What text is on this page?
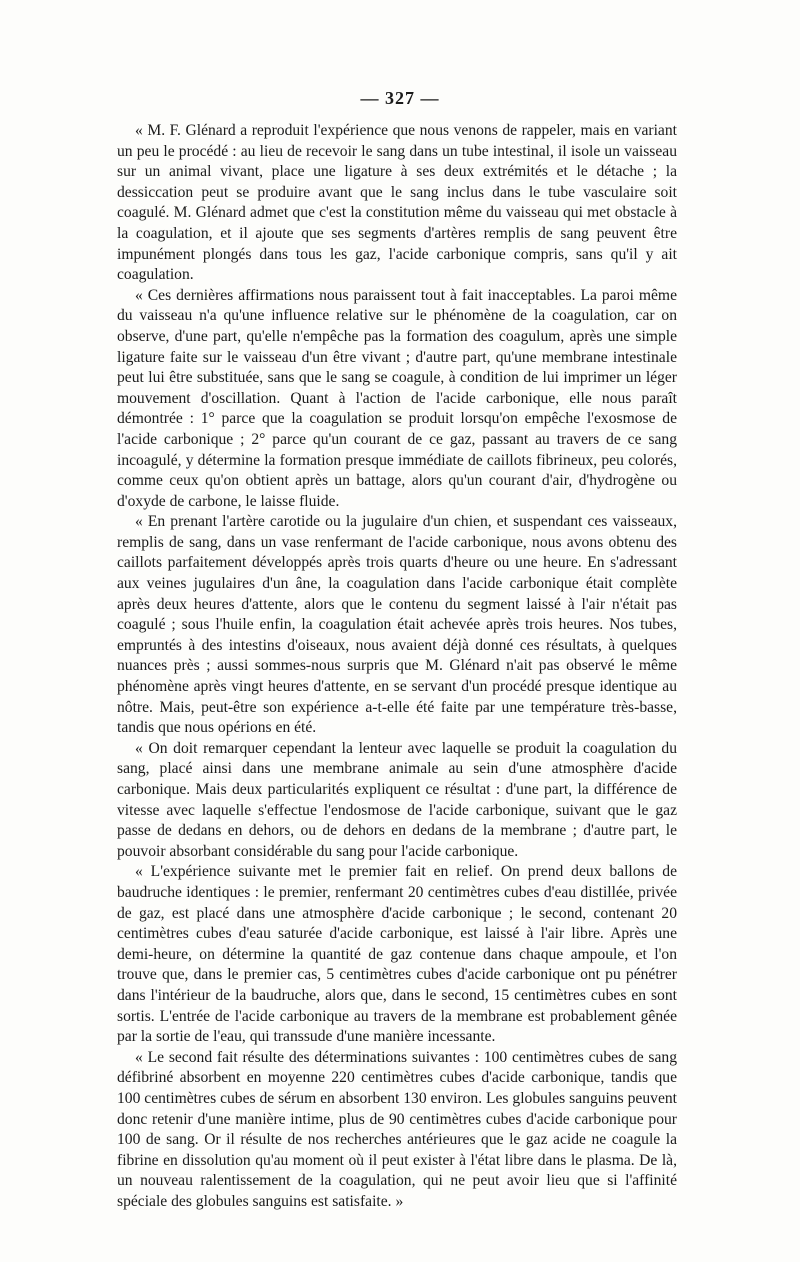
— 327 —

« M. F. Glénard a reproduit l'expérience que nous venons de rappeler, mais en variant un peu le procédé : au lieu de recevoir le sang dans un tube intestinal, il isole un vaisseau sur un animal vivant, place une ligature à ses deux extrémités et le détache ; la dessiccation peut se produire avant que le sang inclus dans le tube vasculaire soit coagulé. M. Glénard admet que c'est la constitution même du vaisseau qui met obstacle à la coagulation, et il ajoute que ses segments d'artères remplis de sang peuvent être impunément plongés dans tous les gaz, l'acide carbonique compris, sans qu'il y ait coagulation.

« Ces dernières affirmations nous paraissent tout à fait inacceptables. La paroi même du vaisseau n'a qu'une influence relative sur le phénomène de la coagulation, car on observe, d'une part, qu'elle n'empêche pas la formation des coagulum, après une simple ligature faite sur le vaisseau d'un être vivant ; d'autre part, qu'une membrane intestinale peut lui être substituée, sans que le sang se coagule, à condition de lui imprimer un léger mouvement d'oscillation. Quant à l'action de l'acide carbonique, elle nous paraît démontrée : 1° parce que la coagulation se produit lorsqu'on empêche l'exosmose de l'acide carbonique ; 2° parce qu'un courant de ce gaz, passant au travers de ce sang incoagulé, y détermine la formation presque immédiate de caillots fibrineux, peu colorés, comme ceux qu'on obtient après un battage, alors qu'un courant d'air, d'hydrogène ou d'oxyde de carbone, le laisse fluide.

« En prenant l'artère carotide ou la jugulaire d'un chien, et suspendant ces vaisseaux, remplis de sang, dans un vase renfermant de l'acide carbonique, nous avons obtenu des caillots parfaitement développés après trois quarts d'heure ou une heure. En s'adressant aux veines jugulaires d'un âne, la coagulation dans l'acide carbonique était complète après deux heures d'attente, alors que le contenu du segment laissé à l'air n'était pas coagulé ; sous l'huile enfin, la coagulation était achevée après trois heures. Nos tubes, empruntés à des intestins d'oiseaux, nous avaient déjà donné ces résultats, à quelques nuances près ; aussi sommes-nous surpris que M. Glénard n'ait pas observé le même phénomène après vingt heures d'attente, en se servant d'un procédé presque identique au nôtre. Mais, peut-être son expérience a-t-elle été faite par une température très-basse, tandis que nous opérions en été.

« On doit remarquer cependant la lenteur avec laquelle se produit la coagulation du sang, placé ainsi dans une membrane animale au sein d'une atmosphère d'acide carbonique. Mais deux particularités expliquent ce résultat : d'une part, la différence de vitesse avec laquelle s'effectue l'endosmose de l'acide carbonique, suivant que le gaz passe de dedans en dehors, ou de dehors en dedans de la membrane ; d'autre part, le pouvoir absorbant considérable du sang pour l'acide carbonique.

« L'expérience suivante met le premier fait en relief. On prend deux ballons de baudruche identiques : le premier, renfermant 20 centimètres cubes d'eau distillée, privée de gaz, est placé dans une atmosphère d'acide carbonique ; le second, contenant 20 centimètres cubes d'eau saturée d'acide carbonique, est laissé à l'air libre. Après une demi-heure, on détermine la quantité de gaz contenue dans chaque ampoule, et l'on trouve que, dans le premier cas, 5 centimètres cubes d'acide carbonique ont pu pénétrer dans l'intérieur de la baudruche, alors que, dans le second, 15 centimètres cubes en sont sortis. L'entrée de l'acide carbonique au travers de la membrane est probablement gênée par la sortie de l'eau, qui transsude d'une manière incessante.

« Le second fait résulte des déterminations suivantes : 100 centimètres cubes de sang défibriné absorbent en moyenne 220 centimètres cubes d'acide carbonique, tandis que 100 centimètres cubes de sérum en absorbent 130 environ. Les globules sanguins peuvent donc retenir d'une manière intime, plus de 90 centimètres cubes d'acide carbonique pour 100 de sang. Or il résulte de nos recherches antérieures que le gaz acide ne coagule la fibrine en dissolution qu'au moment où il peut exister à l'état libre dans le plasma. De là, un nouveau ralentissement de la coagulation, qui ne peut avoir lieu que si l'affinité spéciale des globules sanguins est satisfaite. »
